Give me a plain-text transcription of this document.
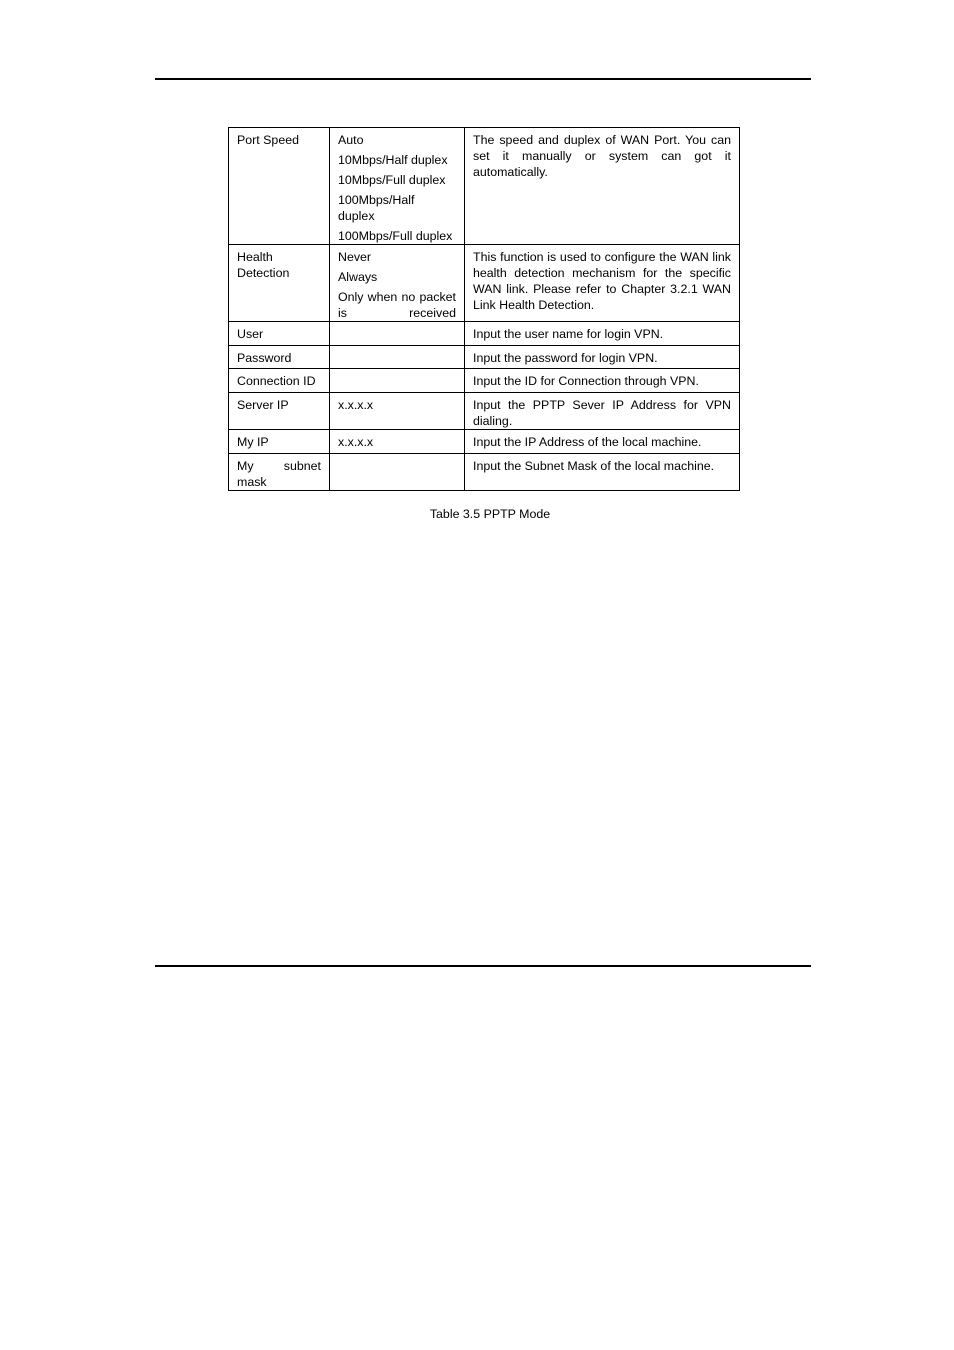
Port Speed	Auto
10Mbps/Half duplex
10Mbps/Full duplex
100Mbps/Half duplex
100Mbps/Full duplex	The speed and duplex of WAN Port. You can set it manually or system can got it automatically.
Health Detection	Never
Always
Only when no packet is received	This function is used to configure the WAN link health detection mechanism for the specific WAN link. Please refer to Chapter 3.2.1 WAN Link Health Detection.
User		Input the user name for login VPN.
Password		Input the password for login VPN.
Connection ID		Input the ID for Connection through VPN.
Server IP	x.x.x.x	Input the PPTP Sever IP Address for VPN dialing.
My IP	x.x.x.x	Input the IP Address of the local machine.
My subnet mask		Input the Subnet Mask of the local machine.
Table 3.5 PPTP Mode
